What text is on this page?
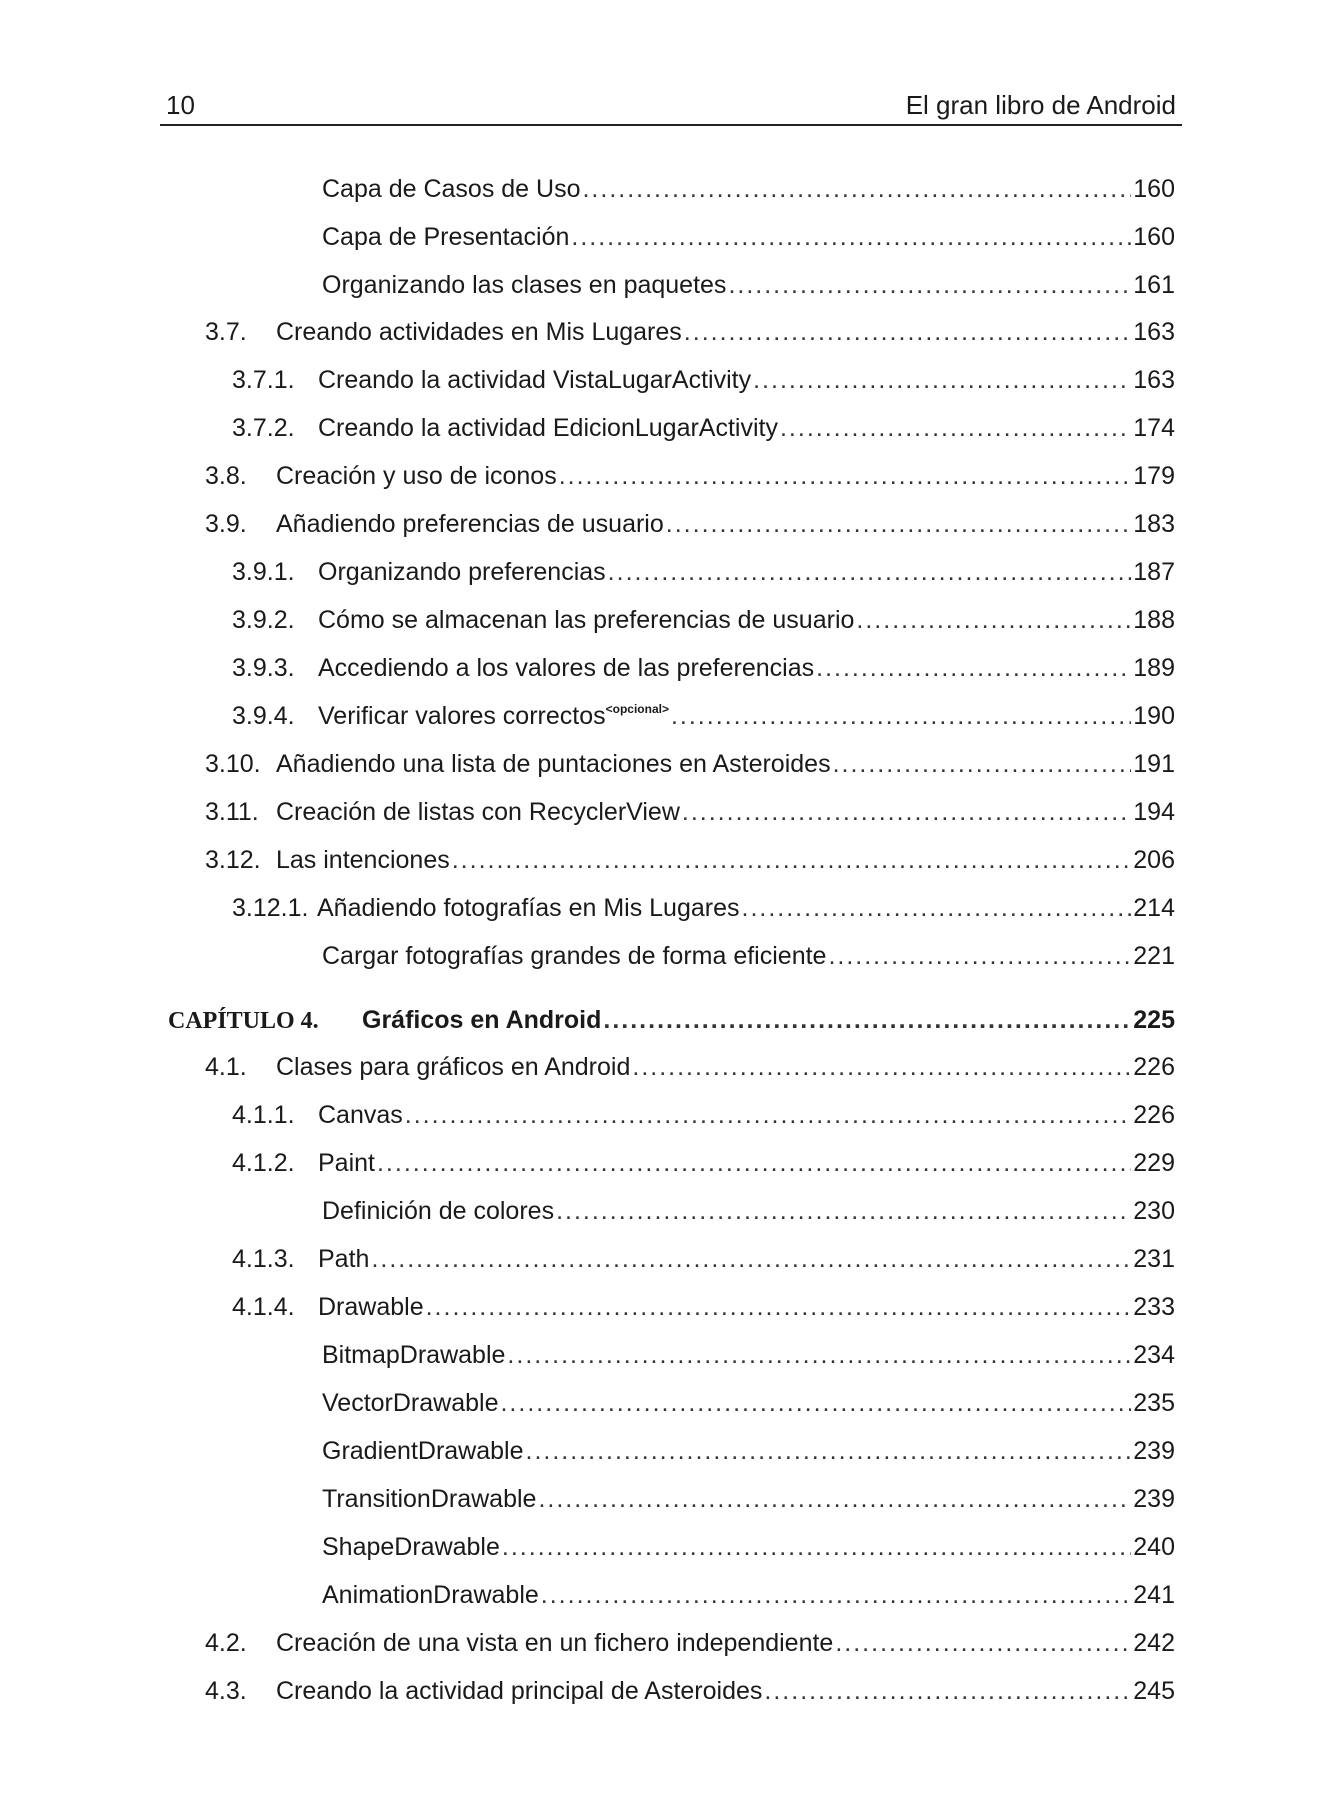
10	El gran libro de Android
Capa de Casos de Uso .....	160
Capa de Presentación .....	160
Organizando las clases en paquetes .....	161
3.7.	Creando actividades en Mis Lugares .....	163
3.7.1. Creando la actividad VistaLugarActivity .....	163
3.7.2. Creando la actividad EdicionLugarActivity .....	174
3.8.	Creación y uso de iconos .....	179
3.9.	Añadiendo preferencias de usuario .....	183
3.9.1. Organizando preferencias .....	187
3.9.2. Cómo se almacenan las preferencias de usuario .....	188
3.9.3. Accediendo a los valores de las preferencias .....	189
3.9.4. Verificar valores correctos$^{<opcional>}$ .....	190
3.10. Añadiendo una lista de puntaciones en Asteroides .....	191
3.11. Creación de listas con RecyclerView .....	194
3.12. Las intenciones .....	206
3.12.1. Añadiendo fotografías en Mis Lugares .....	214
Cargar fotografías grandes de forma eficiente .....	221
CAPÍTULO 4.	Gráficos en Android .....	225
4.1.	Clases para gráficos en Android .....	226
4.1.1. Canvas .....	226
4.1.2. Paint .....	229
Definición de colores .....	230
4.1.3. Path .....	231
4.1.4. Drawable .....	233
BitmapDrawable .....	234
VectorDrawable .....	235
GradientDrawable .....	239
TransitionDrawable .....	239
ShapeDrawable .....	240
AnimationDrawable .....	241
4.2.	Creación de una vista en un fichero independiente .....	242
4.3.	Creando la actividad principal de Asteroides .....	245
